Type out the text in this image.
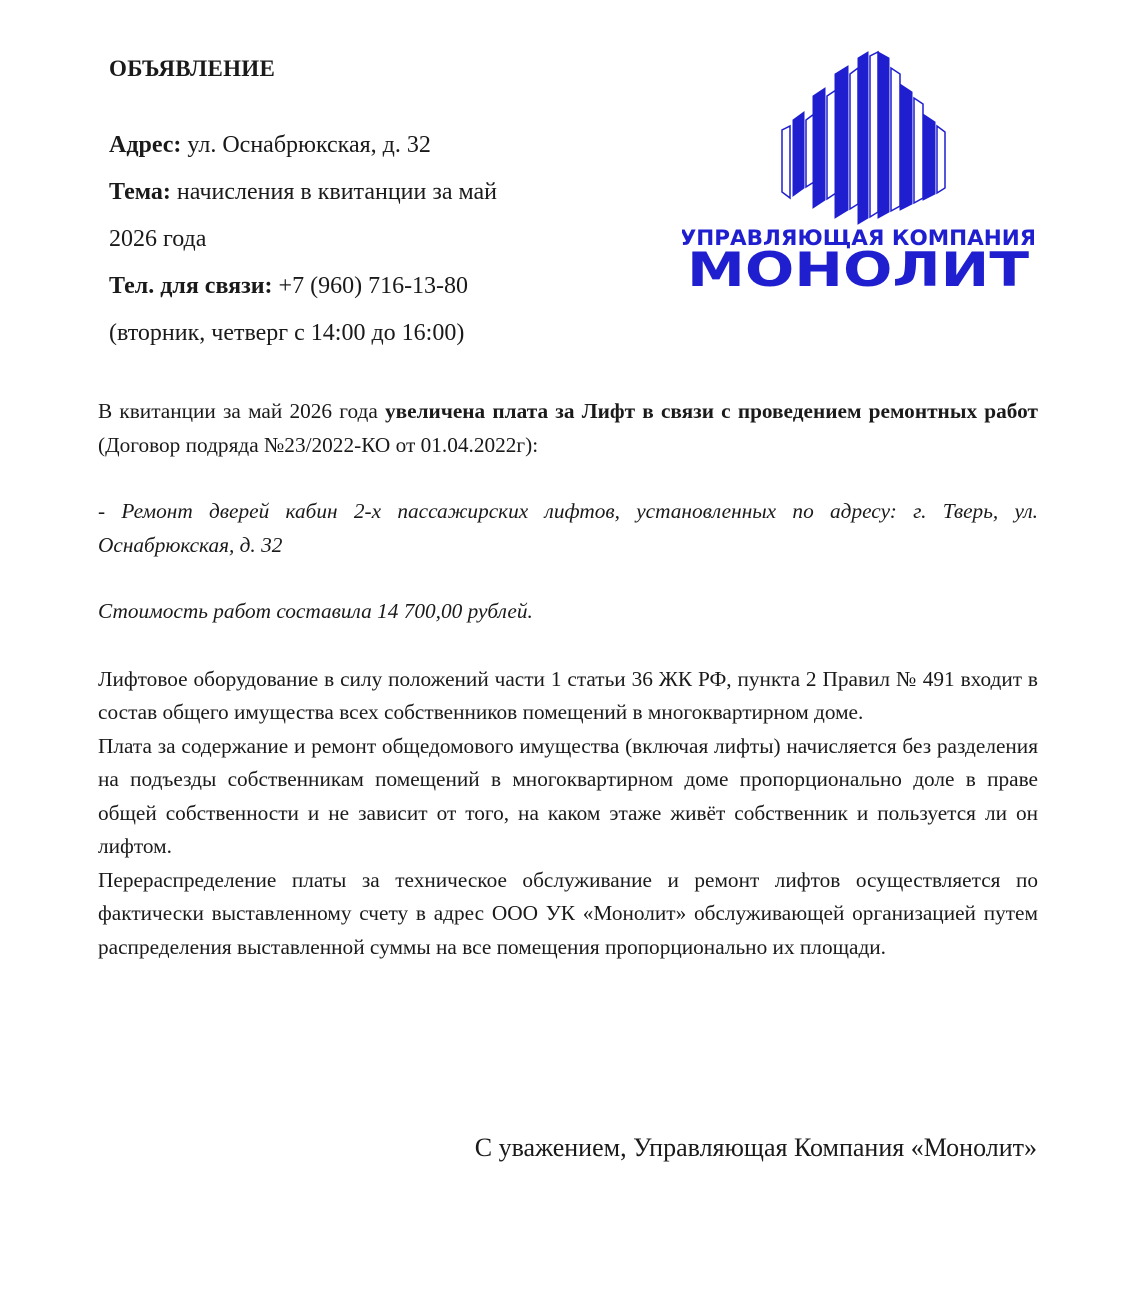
ОБЪЯВЛЕНИЕ
Адрес: ул. Оснабрюкская, д. 32
Тема: начисления в квитанции за май
2026 года
Тел. для связи: +7 (960) 716-13-80
(вторник, четверг с 14:00 до 16:00)
УПРАВЛЯЮЩАЯ КОМПАНИЯ
МОНОЛИТ

В квитанции за май 2026 года увеличена плата за Лифт в связи с проведением ремонтных работ (Договор подряда №23/2022-КО от 01.04.2022г):

- Ремонт дверей кабин 2-х пассажирских лифтов, установленных по адресу: г. Тверь, ул. Оснабрюкская, д. 32

Стоимость работ составила 14 700,00 рублей.

Лифтовое оборудование в силу положений части 1 статьи 36 ЖК РФ, пункта 2 Правил № 491 входит в состав общего имущества всех собственников помещений в многоквартирном доме.

Плата за содержание и ремонт общедомового имущества (включая лифты) начисляется без разделения на подъезды собственникам помещений в многоквартирном доме пропорционально доле в праве общей собственности и не зависит от того, на каком этаже живёт собственник и пользуется ли он лифтом.

Перераспределение платы за техническое обслуживание и ремонт лифтов осуществляется по фактически выставленному счету в адрес ООО УК «Монолит» обслуживающей организацией путем распределения выставленной суммы на все помещения пропорционально их площади.

С уважением, Управляющая Компания «Монолит»
